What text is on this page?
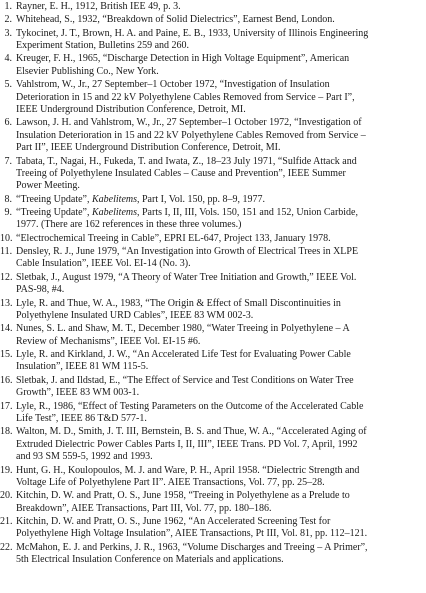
1. Rayner, E. H., 1912, British IEE 49, p. 3.
2. Whitehead, S., 1932, “Breakdown of Solid Dielectrics”, Earnest Bend, London.
3. Tykocinet, J. T., Brown, H. A. and Paine, E. B., 1933, University of Illinois Engineering
Experiment Station, Bulletins 259 and 260.
4. Kreuger, F. H., 1965, “Discharge Detection in High Voltage Equipment”, American
Elsevier Publishing Co., New York.
5. Vahlstrom, W., Jr., 27 September–1 October 1972, “Investigation of Insulation
Deterioration in 15 and 22 kV Polyethylene Cables Removed from Service – Part I”,
IEEE Underground Distribution Conference, Detroit, MI.
6. Lawson, J. H. and Vahlstrom, W., Jr., 27 September–1 October 1972, “Investigation of
Insulation Deterioration in 15 and 22 kV Polyethylene Cables Removed from Service –
Part II”, IEEE Underground Distribution Conference, Detroit, MI.
7. Tabata, T., Nagai, H., Fukeda, T. and Iwata, Z., 18–23 July 1971, “Sulfide Attack and
Treeing of Polyethylene Insulated Cables – Cause and Prevention”, IEEE Summer
Power Meeting.
8. “Treeing Update”, Kabelitems, Part I, Vol. 150, pp. 8–9, 1977.
9. “Treeing Update”, Kabelitems, Parts I, II, III, Vols. 150, 151 and 152, Union Carbide,
1977. (There are 162 references in these three volumes.)
10. “Electrochemical Treeing in Cable”, EPRI EL-647, Project 133, January 1978.
11. Densley, R. J., June 1979, “An Investigation into Growth of Electrical Trees in XLPE
Cable Insulation”, IEEE Vol. EI-14 (No. 3).
12. Sletbak, J., August 1979, “A Theory of Water Tree Initiation and Growth,” IEEE Vol.
PAS-98, #4.
13. Lyle, R. and Thue, W. A., 1983, “The Origin & Effect of Small Discontinuities in
Polyethylene Insulated URD Cables”, IEEE 83 WM 002-3.
14. Nunes, S. L. and Shaw, M. T., December 1980, “Water Treeing in Polyethylene – A
Review of Mechanisms”, IEEE Vol. EI-15 #6.
15. Lyle, R. and Kirkland, J. W., “An Accelerated Life Test for Evaluating Power Cable
Insulation”, IEEE 81 WM 115-5.
16. Sletbak, J. and Ildstad, E., “The Effect of Service and Test Conditions on Water Tree
Growth”, IEEE 83 WM 003-1.
17. Lyle, R., 1986, “Effect of Testing Parameters on the Outcome of the Accelerated Cable
Life Test”, IEEE 86 T&D 577-1.
18. Walton, M. D., Smith, J. T. III, Bernstein, B. S. and Thue, W. A., “Accelerated Aging of
Extruded Dielectric Power Cables Parts I, II, III”, IEEE Trans. PD Vol. 7, April, 1992
and 93 SM 559-5, 1992 and 1993.
19. Hunt, G. H., Koulopoulos, M. J. and Ware, P. H., April 1958. “Dielectric Strength and
Voltage Life of Polyethylene Part II”. AIEE Transactions, Vol. 77, pp. 25–28.
20. Kitchin, D. W. and Pratt, O. S., June 1958, “Treeing in Polyethylene as a Prelude to
Breakdown”, AIEE Transactions, Part III, Vol. 77, pp. 180–186.
21. Kitchin, D. W. and Pratt, O. S., June 1962, “An Accelerated Screening Test for
Polyethylene High Voltage Insulation”, AIEE Transactions, Pt III, Vol. 81, pp. 112–121.
22. McMahon, E. J. and Perkins, J. R., 1963, “Volume Discharges and Treeing – A Primer”,
5th Electrical Insulation Conference on Materials and applications.
